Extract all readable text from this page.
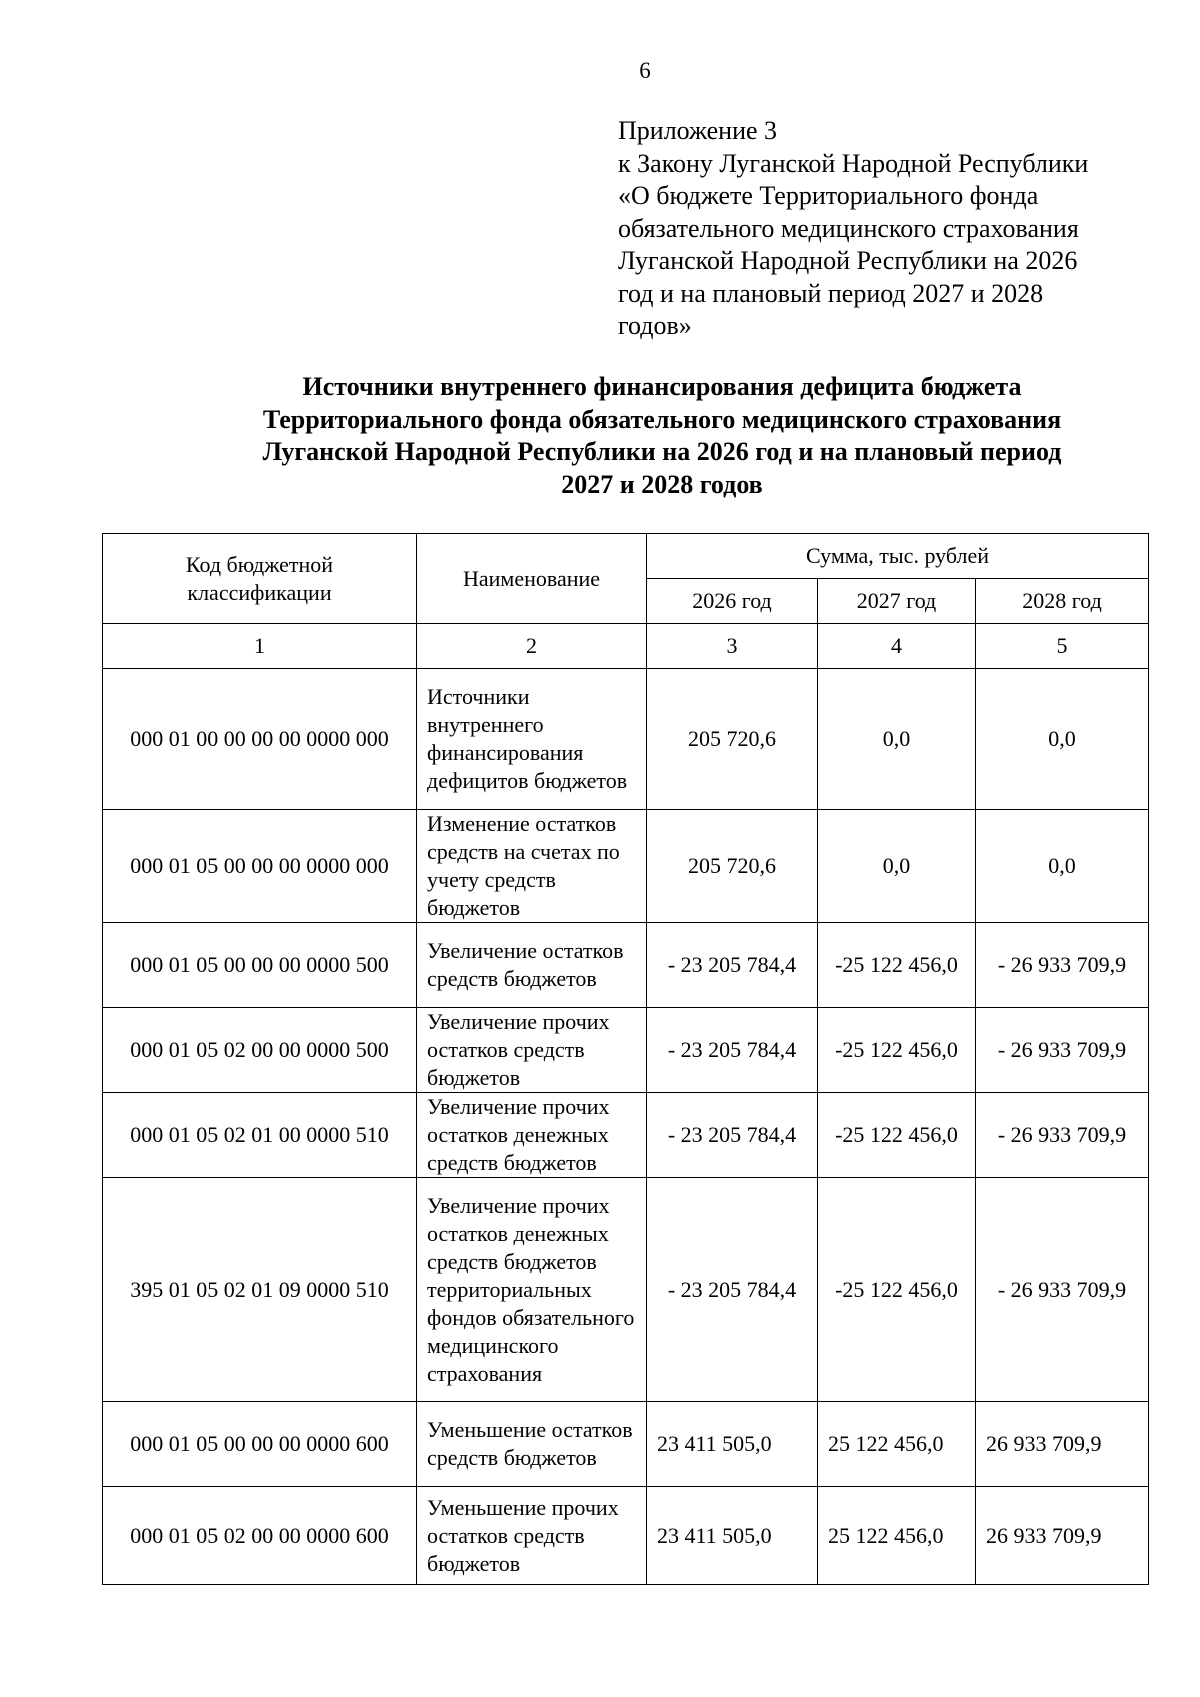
6
Приложение 3
к Закону Луганской Народной Республики
«О бюджете Территориального фонда
обязательного медицинского страхования
Луганской Народной Республики на 2026
год и на плановый период 2027 и 2028
годов»
Источники внутреннего финансирования дефицита бюджета
Территориального фонда обязательного медицинского страхования
Луганской Народной Республики на 2026 год и на плановый период
2027 и 2028 годов
Код бюджетной классификации	Наименование	Сумма, тыс. рублей		
		2026 год	2027 год	2028 год
1	2	3	4	5
000 01 00 00 00 00 0000 000	Источники внутреннего финансирования дефицитов бюджетов	205 720,6	0,0	0,0
000 01 05 00 00 00 0000 000	Изменение остатков средств на счетах по учету средств бюджетов	205 720,6	0,0	0,0
000 01 05 00 00 00 0000 500	Увеличение остатков средств бюджетов	- 23 205 784,4	-25 122 456,0	- 26 933 709,9
000 01 05 02 00 00 0000 500	Увеличение прочих остатков средств бюджетов	- 23 205 784,4	-25 122 456,0	- 26 933 709,9
000 01 05 02 01 00 0000 510	Увеличение прочих остатков денежных средств бюджетов	- 23 205 784,4	-25 122 456,0	- 26 933 709,9
395 01 05 02 01 09 0000 510	Увеличение прочих остатков денежных средств бюджетов территориальных фондов обязательного медицинского страхования	- 23 205 784,4	-25 122 456,0	- 26 933 709,9
000 01 05 00 00 00 0000 600	Уменьшение остатков средств бюджетов	23 411 505,0	25 122 456,0	26 933 709,9
000 01 05 02 00 00 0000 600	Уменьшение прочих остатков средств бюджетов	23 411 505,0	25 122 456,0	26 933 709,9
